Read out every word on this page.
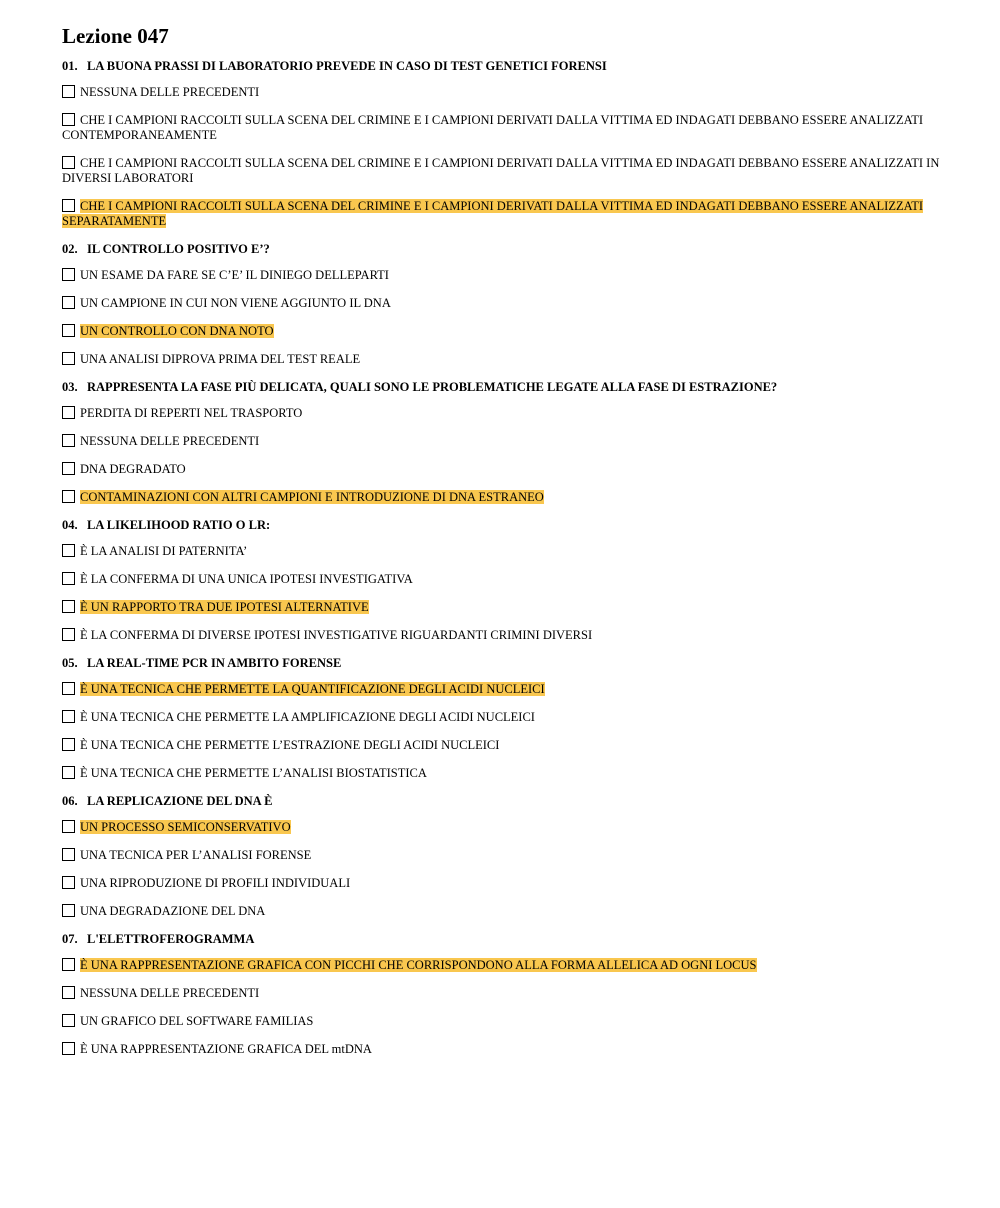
Lezione 047
01. LA BUONA PRASSI DI LABORATORIO PREVEDE IN CASO DI TEST GENETICI FORENSI
NESSUNA DELLE PRECEDENTI
CHE I CAMPIONI RACCOLTI SULLA SCENA DEL CRIMINE E I CAMPIONI DERIVATI DALLA VITTIMA ED INDAGATI DEBBANO ESSERE ANALIZZATI CONTEMPORANEAMENTE
CHE I CAMPIONI RACCOLTI SULLA SCENA DEL CRIMINE E I CAMPIONI DERIVATI DALLA VITTIMA ED INDAGATI DEBBANO ESSERE ANALIZZATI IN DIVERSI LABORATORI
CHE I CAMPIONI RACCOLTI SULLA SCENA DEL CRIMINE E I CAMPIONI DERIVATI DALLA VITTIMA ED INDAGATI DEBBANO ESSERE ANALIZZATI SEPARATAMENTE
02. IL CONTROLLO POSITIVO E’?
UN ESAME DA FARE SE C’E’ IL DINIEGO DELLEPARTI
UN CAMPIONE IN CUI NON VIENE AGGIUNTO IL DNA
UN CONTROLLO CON DNA NOTO
UNA ANALISI DIPROVA PRIMA DEL TEST REALE
03. RAPPRESENTA LA FASE PIÙ DELICATA, QUALI SONO LE PROBLEMATICHE LEGATE ALLA FASE DI ESTRAZIONE?
PERDITA DI REPERTI NEL TRASPORTO
NESSUNA DELLE PRECEDENTI
DNA DEGRADATO
CONTAMINAZIONI CON ALTRI CAMPIONI E INTRODUZIONE DI DNA ESTRANEO
04. LA LIKELIHOOD RATIO O LR:
È LA ANALISI DI PATERNITA’
È LA CONFERMA DI UNA UNICA IPOTESI INVESTIGATIVA
È UN RAPPORTO TRA DUE IPOTESI ALTERNATIVE
È LA CONFERMA DI DIVERSE IPOTESI INVESTIGATIVE RIGUARDANTI CRIMINI DIVERSI
05. LA REAL-TIME PCR IN AMBITO FORENSE
È UNA TECNICA CHE PERMETTE LA QUANTIFICAZIONE DEGLI ACIDI NUCLEICI
È UNA TECNICA CHE PERMETTE LA AMPLIFICAZIONE DEGLI ACIDI NUCLEICI
È UNA TECNICA CHE PERMETTE L’ESTRAZIONE DEGLI ACIDI NUCLEICI
È UNA TECNICA CHE PERMETTE L’ANALISI BIOSTATISTICA
06. LA REPLICAZIONE DEL DNA È
UN PROCESSO SEMICONSERVATIVO
UNA TECNICA PER L’ANALISI FORENSE
UNA RIPRODUZIONE DI PROFILI INDIVIDUALI
UNA DEGRADAZIONE DEL DNA
07. L'ELETTROFEROGRAMMA
È UNA RAPPRESENTAZIONE GRAFICA CON PICCHI CHE CORRISPONDONO ALLA FORMA ALLELICA AD OGNI LOCUS
NESSUNA DELLE PRECEDENTI
UN GRAFICO DEL SOFTWARE FAMILIAS
È UNA RAPPRESENTAZIONE GRAFICA DEL mtDNA
